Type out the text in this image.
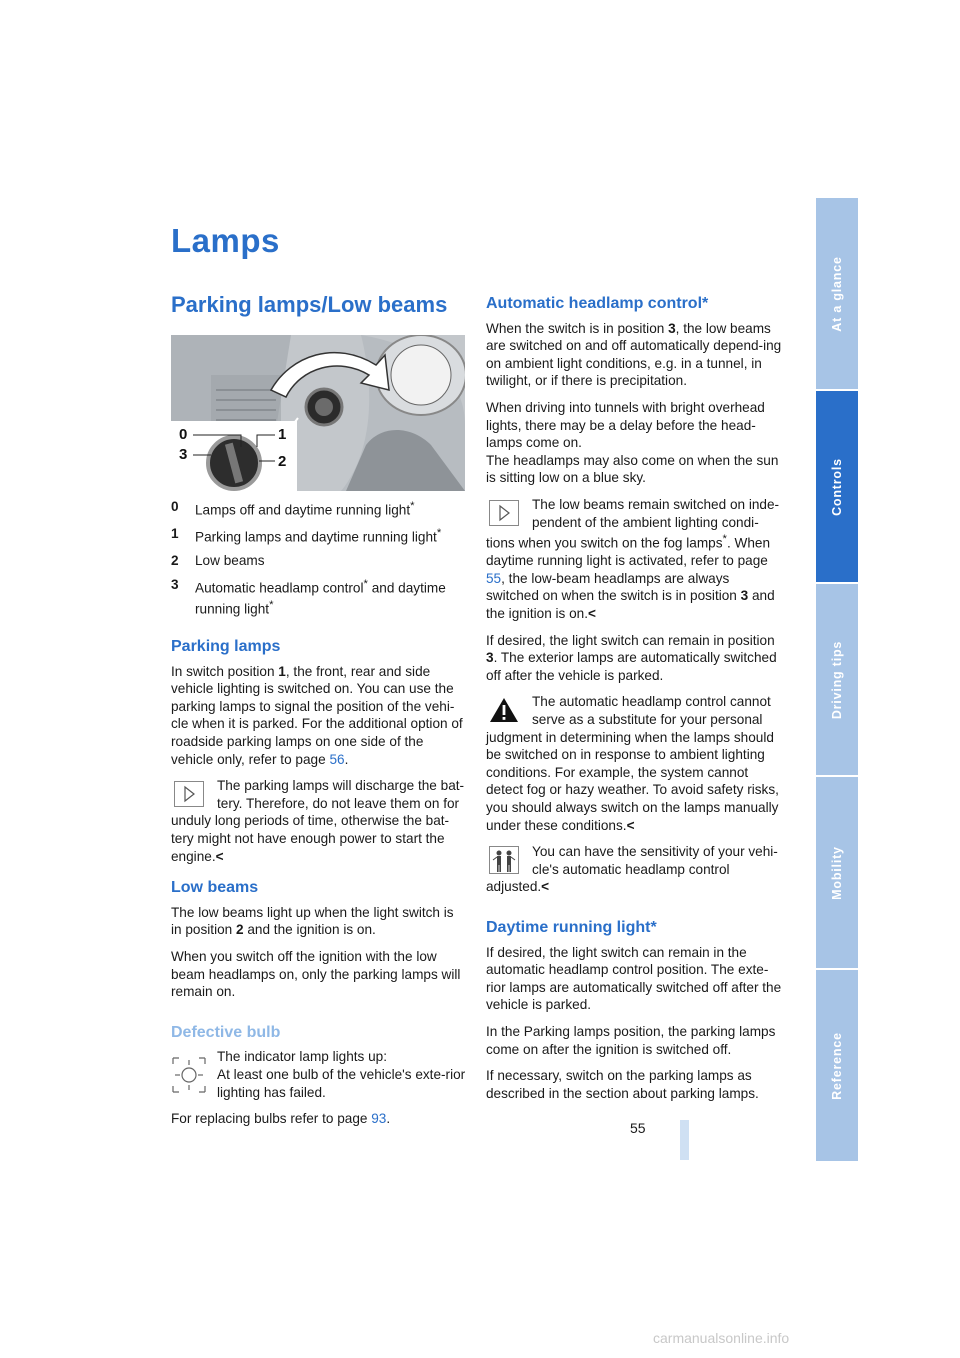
Lamps
Parking lamps/Low beams
0	1
3	2
0	Lamps off and daytime running light*
1	Parking lamps and daytime running light*
2	Low beams
3	Automatic headlamp control* and daytime running light*
Parking lamps

In switch position 1, the front, rear and side vehicle lighting is switched on. You can use the parking lamps to signal the position of the vehi-cle when it is parked. For the additional option of roadside parking lamps on one side of the vehicle only, refer to page 56.

The parking lamps will discharge the bat-tery. Therefore, do not leave them on for unduly long periods of time, otherwise the bat-tery might not have enough power to start the engine.<

Low beams

The low beams light up when the light switch is in position 2 and the ignition is on.

When you switch off the ignition with the low beam headlamps on, only the parking lamps will remain on.

Defective bulb

The indicator lamp lights up:

At least one bulb of the vehicle's exte-rior lighting has failed.

For replacing bulbs refer to page 93.

Automatic headlamp control*

When the switch is in position 3, the low beams are switched on and off automatically depend-ing on ambient light conditions, e.g. in a tunnel, in twilight, or if there is precipitation.

When driving into tunnels with bright overhead lights, there may be a delay before the head-lamps come on.

The headlamps may also come on when the sun is sitting low on a blue sky.

The low beams remain switched on inde-pendent of the ambient lighting condi-tions when you switch on the fog lamps*. When daytime running light is activated, refer to page 55, the low-beam headlamps are always switched on when the switch is in position 3 and the ignition is on.<

If desired, the light switch can remain in position 3. The exterior lamps are automatically switched off after the vehicle is parked.

The automatic headlamp control cannot serve as a substitute for your personal judgment in determining when the lamps should be switched on in response to ambient lighting conditions. For example, the system cannot detect fog or hazy weather. To avoid safety risks, you should always switch on the lamps manually under these conditions.<

You can have the sensitivity of your vehi-cle's automatic headlamp control adjusted.<

Daytime running light*

If desired, the light switch can remain in the automatic headlamp control position. The exte-rior lamps are automatically switched off after the vehicle is parked.

In the Parking lamps position, the parking lamps come on after the ignition is switched off.

If necessary, switch on the parking lamps as described in the section about parking lamps.

At a glance
Controls
Driving tips
Mobility
Reference
55
carmanualsonline.info
